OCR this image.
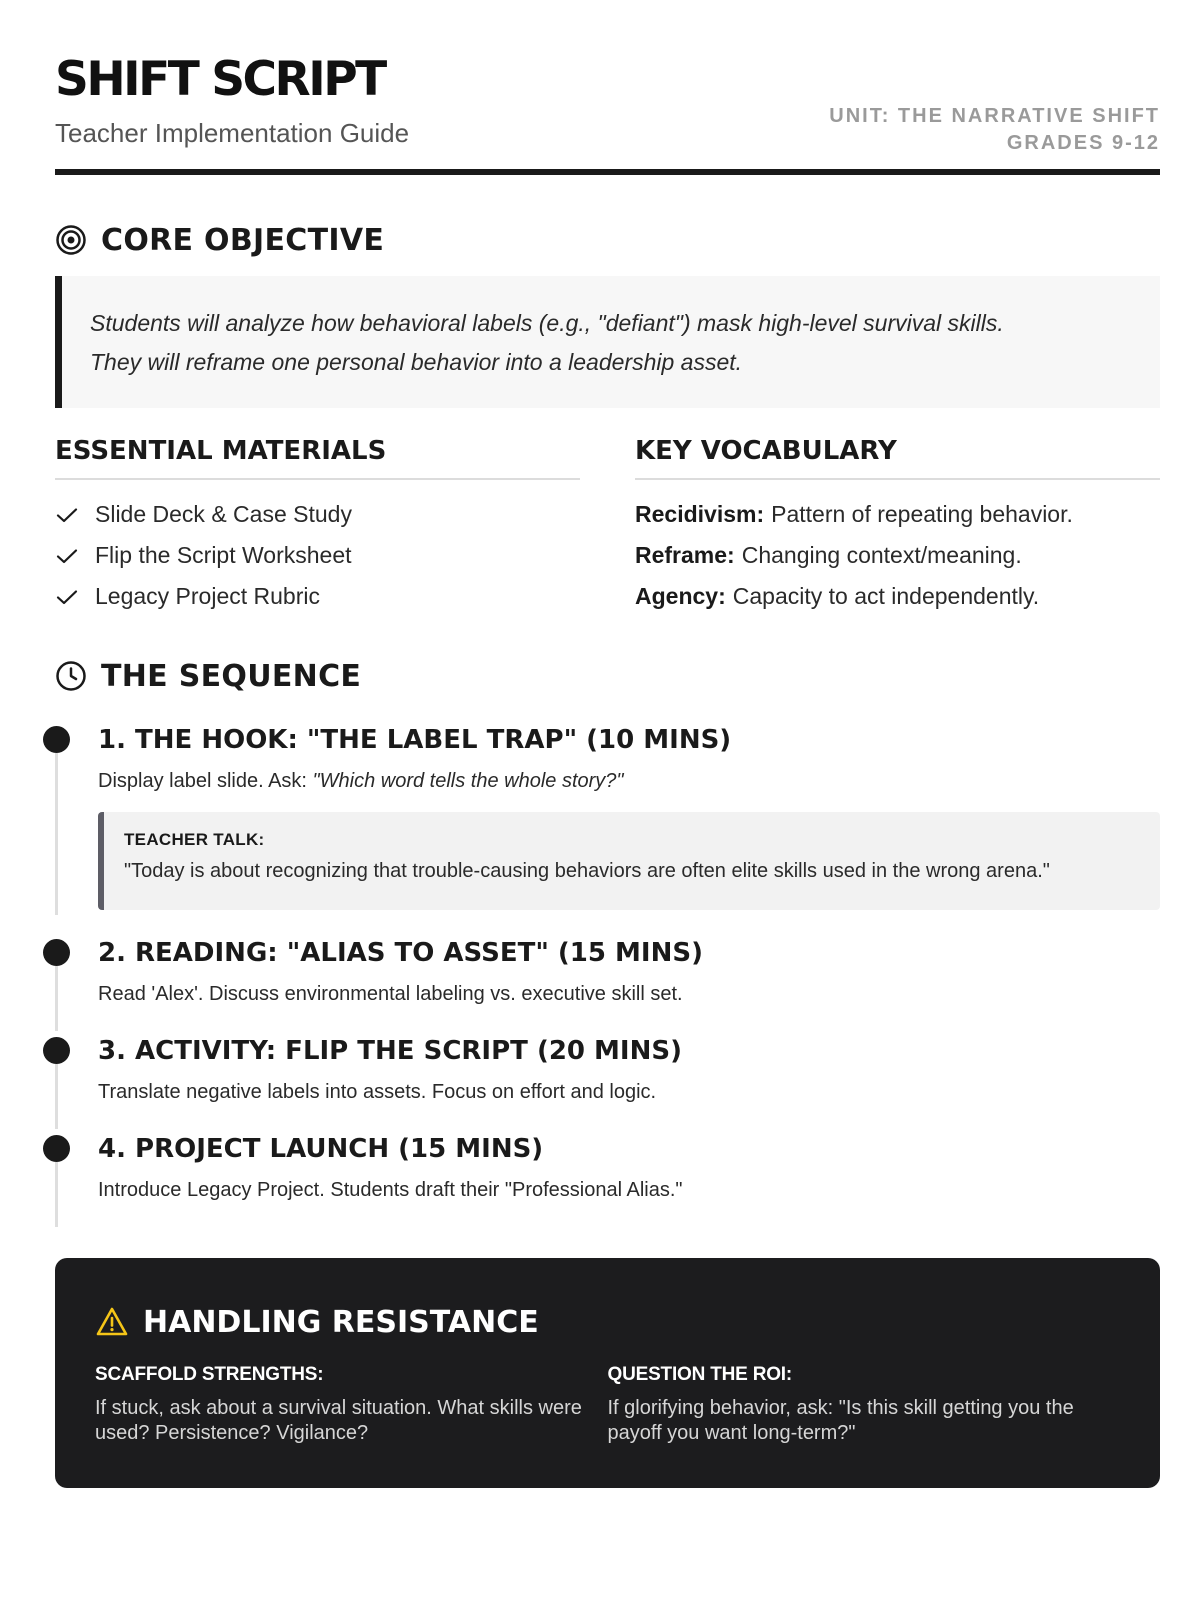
SHIFT SCRIPT
Teacher Implementation Guide
UNIT: THE NARRATIVE SHIFT
GRADES 9-12
CORE OBJECTIVE
Students will analyze how behavioral labels (e.g., "defiant") mask high-level survival skills.
They will reframe one personal behavior into a leadership asset.
ESSENTIAL MATERIALS
Slide Deck & Case Study
Flip the Script Worksheet
Legacy Project Rubric
KEY VOCABULARY
Recidivism: Pattern of repeating behavior.
Reframe: Changing context/meaning.
Agency: Capacity to act independently.
THE SEQUENCE
1. THE HOOK: "THE LABEL TRAP" (10 MINS)

Display label slide. Ask: "Which word tells the whole story?"

TEACHER TALK:
"Today is about recognizing that trouble-causing behaviors are often elite skills used in the wrong arena."
2. READING: "ALIAS TO ASSET" (15 MINS)

Read 'Alex'. Discuss environmental labeling vs. executive skill set.

3. ACTIVITY: FLIP THE SCRIPT (20 MINS)

Translate negative labels into assets. Focus on effort and logic.

4. PROJECT LAUNCH (15 MINS)

Introduce Legacy Project. Students draft their "Professional Alias."

HANDLING RESISTANCE
SCAFFOLD STRENGTHS:
If stuck, ask about a survival situation. What skills were used? Persistence? Vigilance?
QUESTION THE ROI:
If glorifying behavior, ask: "Is this skill getting you the payoff you want long-term?"
